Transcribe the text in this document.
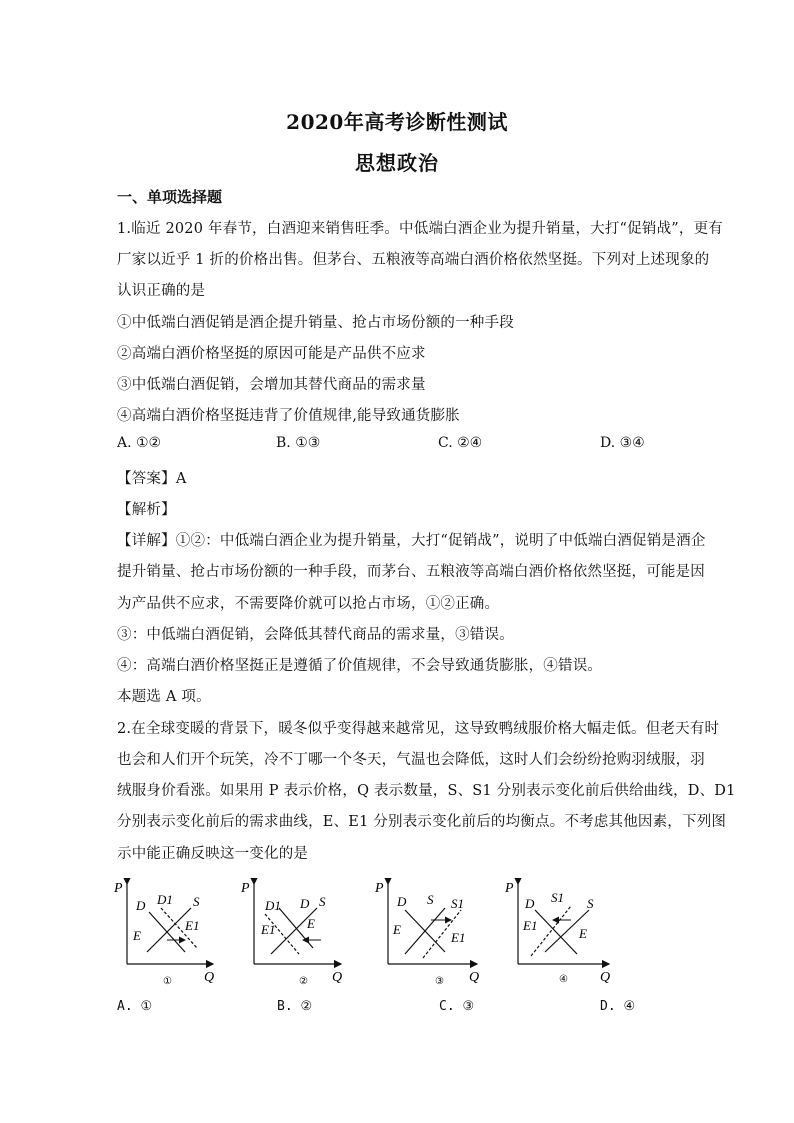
2020年高考诊断性测试
思想政治
一、单项选择题
1.临近 2020 年春节，白酒迎来销售旺季。中低端白酒企业为提升销量，大打“促销战”，更有
厂家以近乎 1 折的价格出售。但茅台、五粮液等高端白酒价格依然坚挺。下列对上述现象的
认识正确的是
①中低端白酒促销是酒企提升销量、抢占市场份额的一种手段
②高端白酒价格坚挺的原因可能是产品供不应求
③中低端白酒促销，会增加其替代商品的需求量
④高端白酒价格坚挺违背了价值规律,能导致通货膨胀
A. ①②	B. ①③	C. ②④	D. ③④
【答案】A
【解析】
【详解】①②：中低端白酒企业为提升销量，大打“促销战”，说明了中低端白酒促销是酒企
提升销量、抢占市场份额的一种手段，而茅台、五粮液等高端白酒价格依然坚挺，可能是因
为产品供不应求，不需要降价就可以抢占市场，①②正确。
③：中低端白酒促销，会降低其替代商品的需求量，③错误。
④：高端白酒价格坚挺正是遵循了价值规律，不会导致通货膨胀，④错误。
本题选 A 项。
2.在全球变暖的背景下，暖冬似乎变得越来越常见，这导致鸭绒服价格大幅走低。但老天有时
也会和人们开个玩笑，冷不丁哪一个冬天，气温也会降低，这时人们会纷纷抢购羽绒服，羽
绒服身价看涨。如果用 P 表示价格，Q 表示数量，S、S1 分别表示变化前后供给曲线，D、D1
分别表示变化前后的需求曲线，E、E1 分别表示变化前后的均衡点。不考虑其他因素，下列图
示中能正确反映这一变化的是
P
Q
D D1 S
E
E1
①
P
Q
D1 D S
E1 E
②
P
Q
D S S1
E
E1
③
P
Q
D S1 S
E1
E
④
A. ①	B. ②	C. ③	D. ④
